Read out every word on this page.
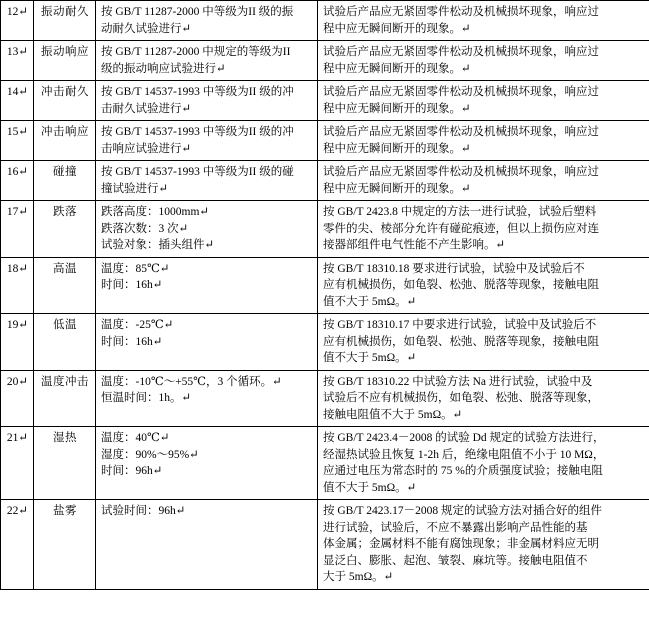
12↵	振动耐久	按 GB/T 11287-2000 中等级为II 级的振
动耐久试验进行↵

试验后产品应无紧固零件松动及机械损坏现象，响应过
程中应无瞬间断开的现象。↵

13↵	振动响应	按 GB/T 11287-2000 中规定的等级为II
级的振动响应试验进行↵

试验后产品应无紧固零件松动及机械损坏现象，响应过
程中应无瞬间断开的现象。↵

14↵	冲击耐久	按 GB/T 14537-1993 中等级为II 级的冲
击耐久试验进行↵

试验后产品应无紧固零件松动及机械损坏现象，响应过
程中应无瞬间断开的现象。↵

15↵	冲击响应	按 GB/T 14537-1993 中等级为II 级的冲
击响应试验进行↵

试验后产品应无紧固零件松动及机械损坏现象，响应过
程中应无瞬间断开的现象。↵

16↵	碰撞	按 GB/T 14537-1993 中等级为II 级的碰
撞试验进行↵

试验后产品应无紧固零件松动及机械损坏现象，响应过
程中应无瞬间断开的现象。↵

17↵	跌落	跌落高度：1000mm↵
跌落次数：3 次↵
试验对象：插头组件↵

按 GB/T 2423.8 中规定的方法一进行试验，试验后塑料
零件的尖、棱部分允许有碰砣痕迹，但以上损伤应对连
接器部组件电气性能不产生影响。↵

18↵	高温	温度：85℃↵
时间：16h↵

按 GB/T 18310.18 要求进行试验，试验中及试验后不
应有机械损伤，如龟裂、松弛、脱落等现象，接触电阻
值不大于 5mΩ。↵

19↵	低温	温度：-25℃↵
时间：16h↵

按 GB/T 18310.17 中要求进行试验，试验中及试验后不
应有机械损伤，如龟裂、松弛、脱落等现象，接触电阻
值不大于 5mΩ。↵

20↵	温度冲击	温度：-10℃～+55℃，3 个循环。↵
恒温时间：1h。↵

按 GB/T 18310.22 中试验方法 Na 进行试验，试验中及
试验后不应有机械损伤，如龟裂、松弛、脱落等现象，
接触电阻值不大于 5mΩ。↵

21↵	湿热	温度：40℃↵
湿度：90%～95%↵
时间：96h↵

按 GB/T 2423.4－2008 的试验 Dd 规定的试验方法进行，
经湿热试验且恢复 1-2h 后，绝缘电阻值不小于 10 MΩ，
应通过电压为常态时的 75 %的介质强度试验；接触电阻
值不大于 5mΩ。↵

22↵	盐雾	试验时间：96h↵	按 GB/T 2423.17－2008 规定的试验方法对插合好的组件
进行试验，试验后，不应不暴露出影响产品性能的基
体金属；金属材料不能有腐蚀现象；非金属材料应无明
显泛白、膨胀、起泡、皱裂、麻坑等。接触电阻值不
大于 5mΩ。↵
